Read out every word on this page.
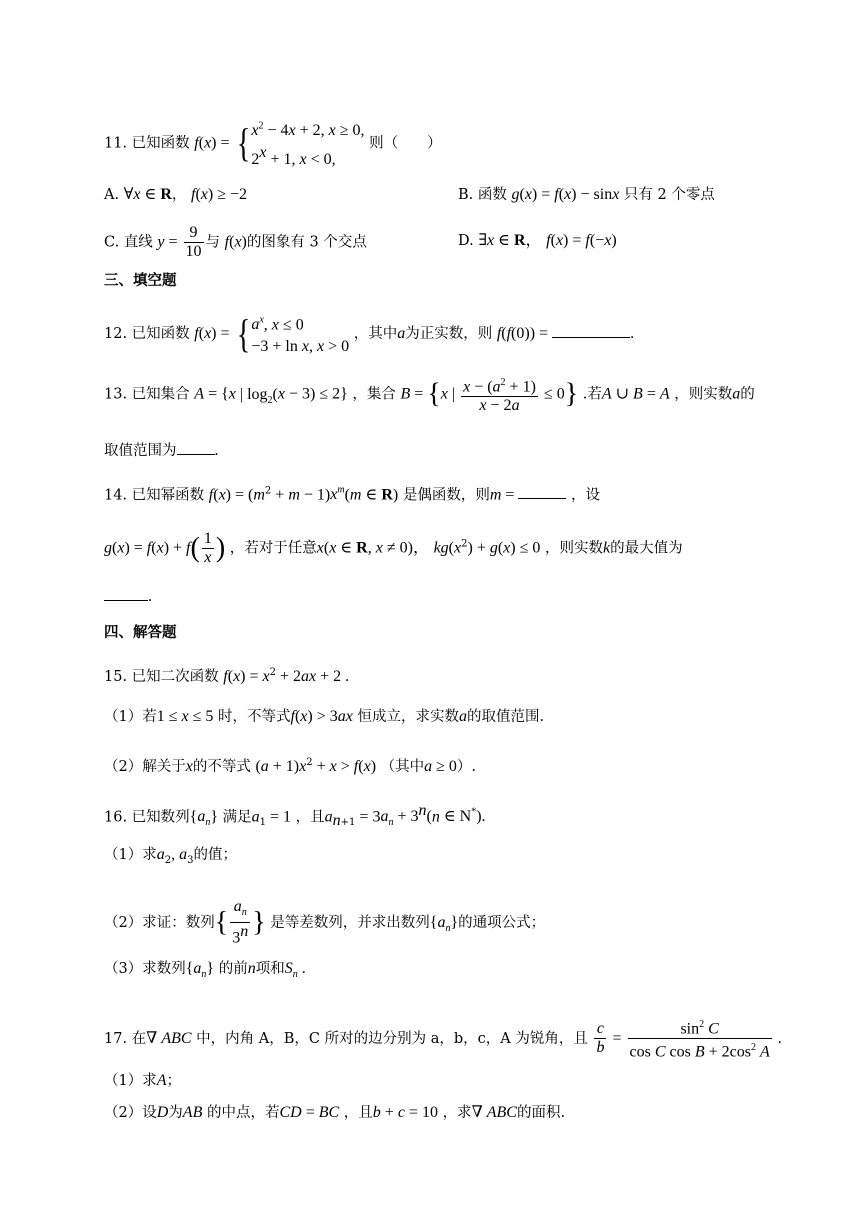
11. 已知函数 $f(x) = \{x^2 - 4x + 2$, x ≥ 0,
$2^x + 1$, x < 0, 则（　　）
A. ∀x ∈ R， f(x) ≥ −2	B. 函数 g(x) = f(x) − sinx 只有 2 个零点
C. 直线 $y = \frac{9}{10}$ 与 f(x)的图象有 3 个交点	D. ∃x ∈ R， f(x) = f(−x)
三、填空题
12. 已知函数 $f(x) = \{a^x$, x ≤ 0
−3 + ln x, x > 0 ，其中a为正实数，则 f(f(0)) =	.
13. 已知集合 A = {x | $\log_2(x - 3) \le 2$} ，集合 B = {x | $\frac{x - (a^2 + 1)}{x - 2a} \le 0$} .若A ∪ B = A ，则实数a的
取值范围为 .
14. 已知幂函数 $f(x) = (m^2 + m - 1)x^m(m$ ∈ R) 是偶函数，则m =	，设
$g(x) = f(x) + f( \frac{1}{x}$ ) ，若对于任意x(x ∈ R, x ≠ 0)， $kg(x^2) + g(x) \le 0$ ，则实数k的最大值为
.
四、解答题
15. 已知二次函数 $f(x) = x^2 + 2ax + 2$ .
（1）若1 ≤ x ≤ 5 时，不等式f(x) > 3ax 恒成立，求实数a的取值范围.
（2）解关于x的不等式 $(a + 1)x^2 + x > f(x)$ （其中a ≥ 0）.
16. 已知数列$\{a_n\}$ 满足$a_1 = 1$ ，且$a_{n+1} = 3a_n + 3^n(n$ ∈ N*).
（1）求$a_2$, $a_3$的值；
（2）求证：数列{ $\frac{a_n}{3^n}$ } 是等差数列，并求出数列$\{a_n\}$的通项公式；
（3）求数列$\{a_n\}$ 的前n项和$S_n$ .
17. 在∇ ABC 中，内角 A，B，C 所对的边分别为 a，b，c，A 为锐角，且 $\frac{c}{b} = \frac{\sin^2 C}{\cos C \cos B + 2\cos^2 A}$ .
（1）求A；
（2）设D为AB 的中点，若CD = BC ，且b + c = 10 ，求∇ ABC的面积.
